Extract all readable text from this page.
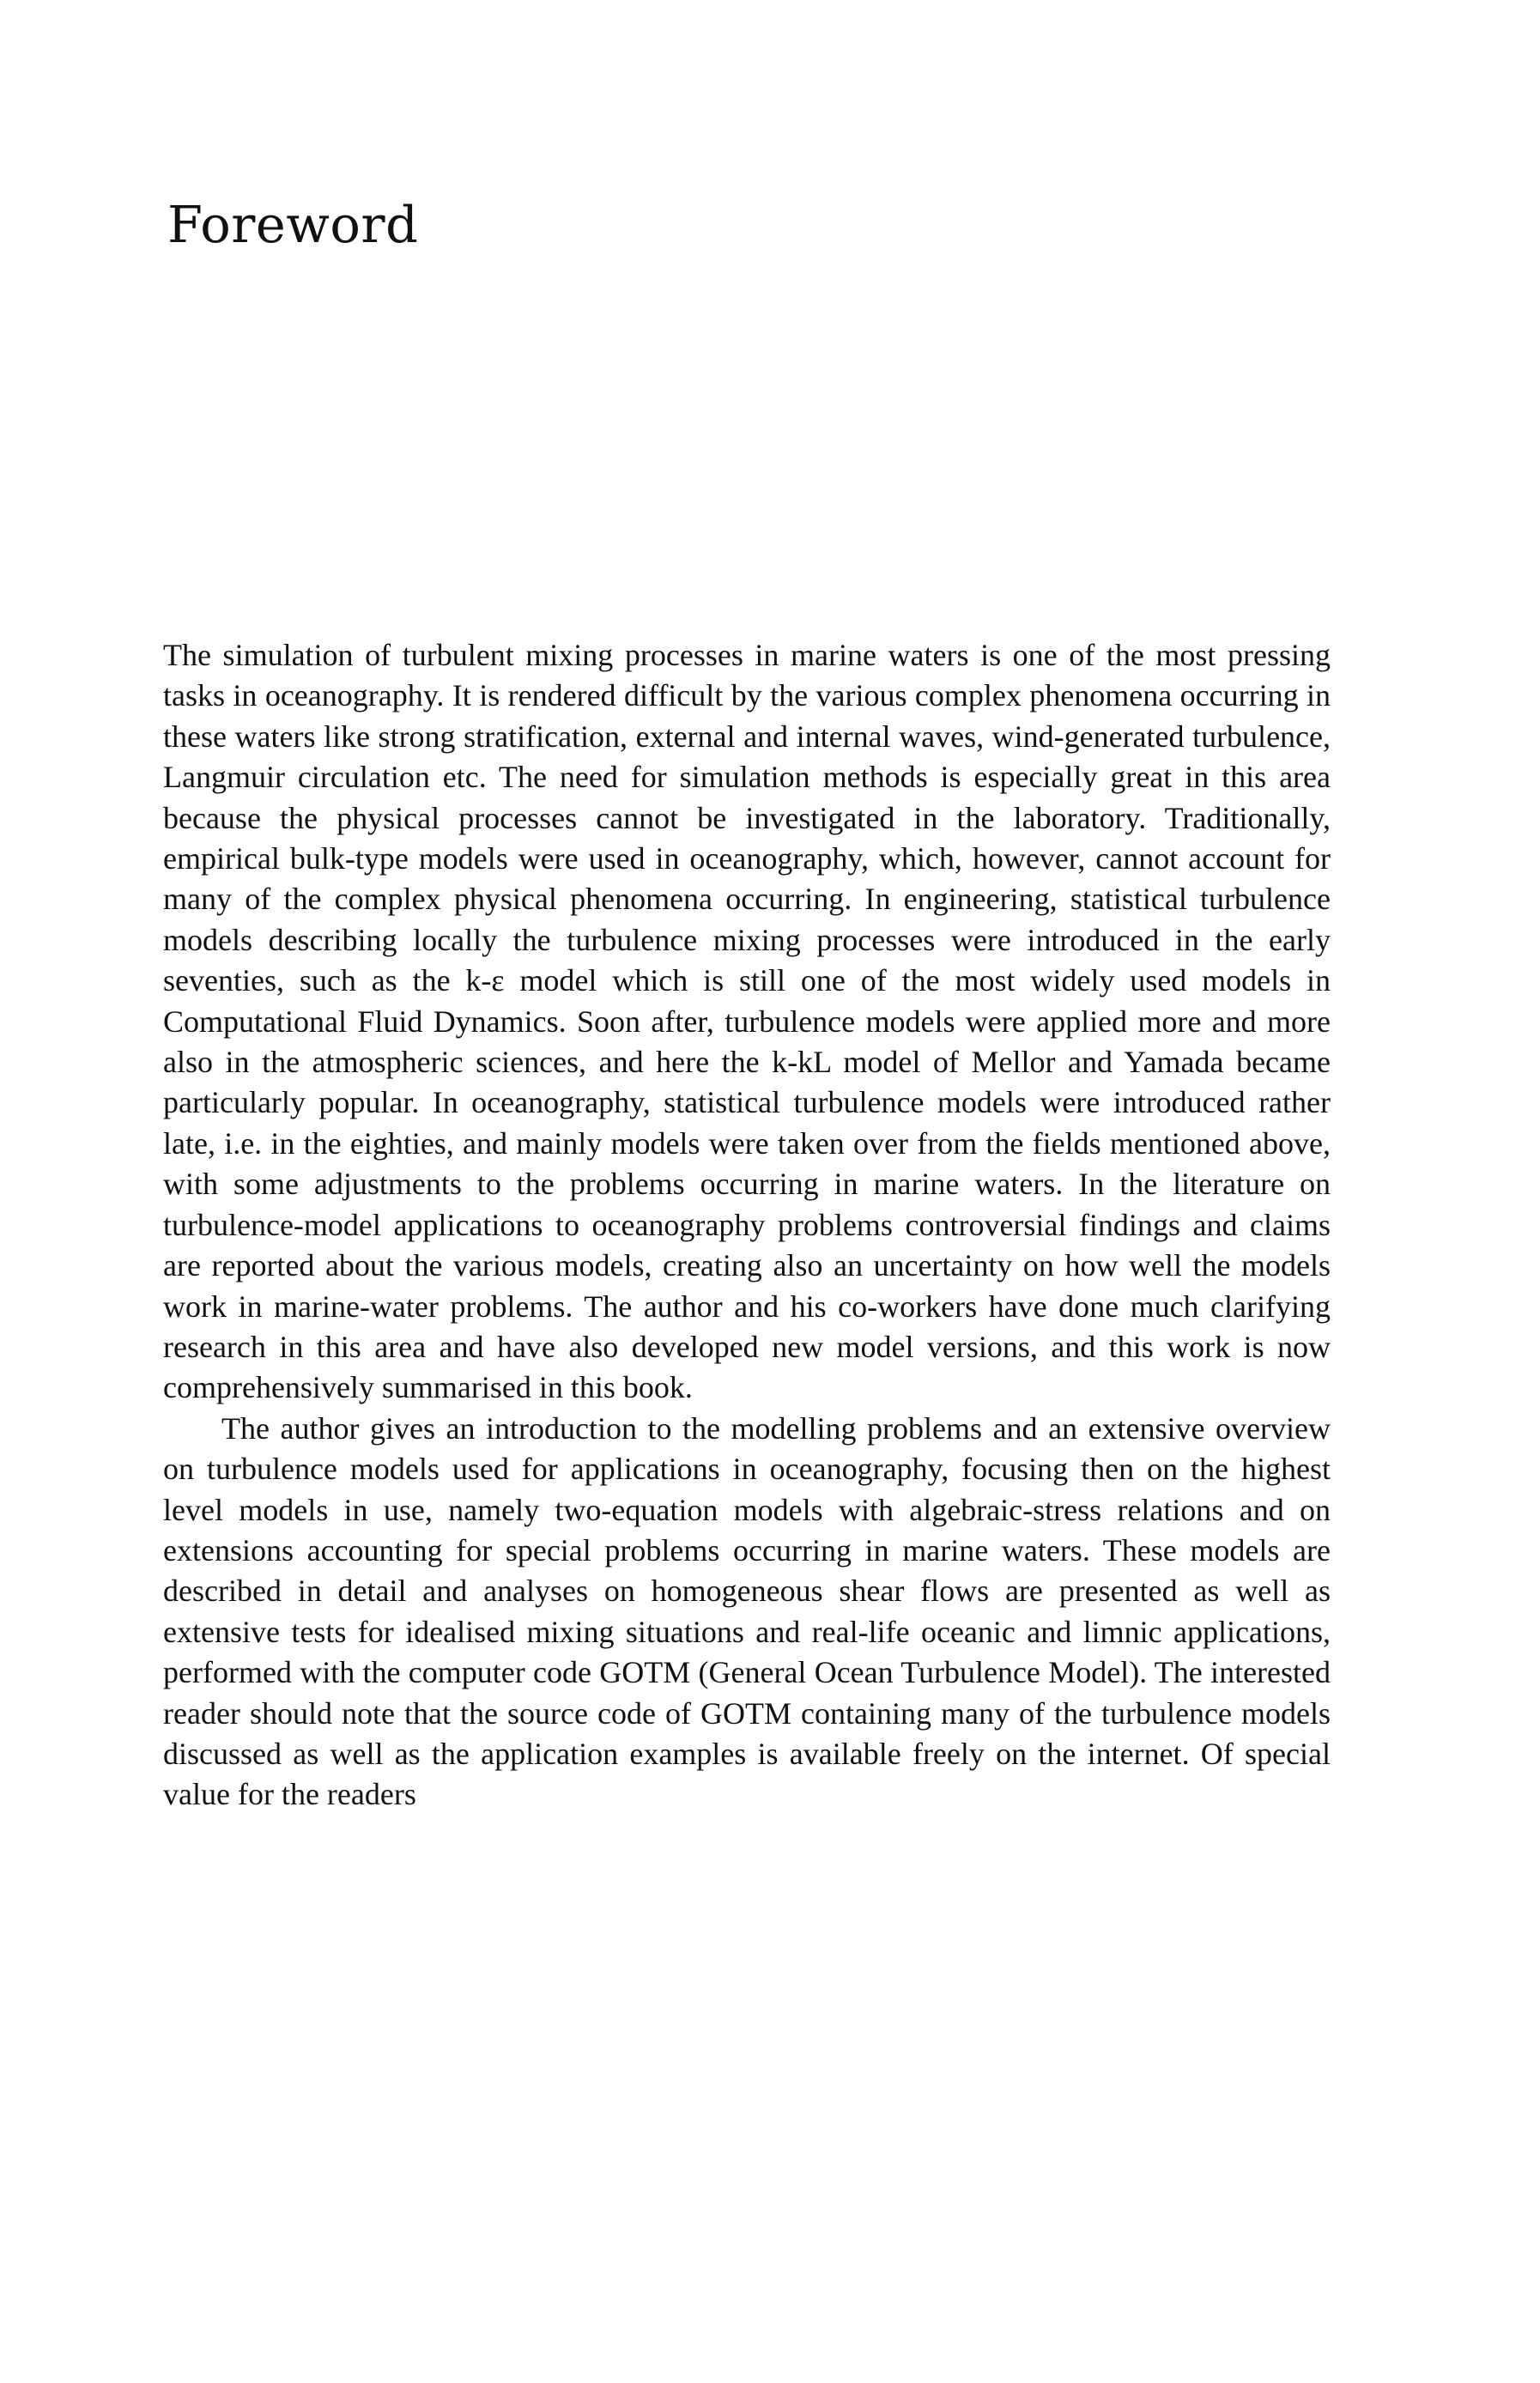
Foreword

The simulation of turbulent mixing processes in marine waters is one of the most pressing tasks in oceanography. It is rendered difficult by the various complex phenomena occurring in these waters like strong stratification, external and internal waves, wind-generated turbulence, Langmuir circulation etc. The need for simulation methods is especially great in this area because the physical processes cannot be investigated in the laboratory. Traditionally, empirical bulk-type models were used in oceanography, which, however, cannot account for many of the complex physical phenomena occurring. In engineering, statistical turbulence models describing locally the turbulence mixing processes were introduced in the early seventies, such as the k-ε model which is still one of the most widely used models in Computational Fluid Dynamics. Soon after, turbulence models were applied more and more also in the atmospheric sciences, and here the k-kL model of Mellor and Yamada became particularly popular. In oceanography, statistical turbulence models were introduced rather late, i.e. in the eighties, and mainly models were taken over from the fields mentioned above, with some adjustments to the problems occurring in marine waters. In the literature on turbulence-model applications to oceanography problems controversial findings and claims are reported about the various models, creating also an uncertainty on how well the models work in marine-water problems. The author and his co-workers have done much clarifying research in this area and have also developed new model versions, and this work is now comprehensively summarised in this book.

The author gives an introduction to the modelling problems and an extensive overview on turbulence models used for applications in oceanography, focusing then on the highest level models in use, namely two-equation models with algebraic-stress relations and on extensions accounting for special problems occurring in marine waters. These models are described in detail and analyses on homogeneous shear flows are presented as well as extensive tests for idealised mixing situations and real-life oceanic and limnic applications, performed with the computer code GOTM (General Ocean Turbulence Model). The interested reader should note that the source code of GOTM containing many of the turbulence models discussed as well as the application examples is available freely on the internet. Of special value for the readers
